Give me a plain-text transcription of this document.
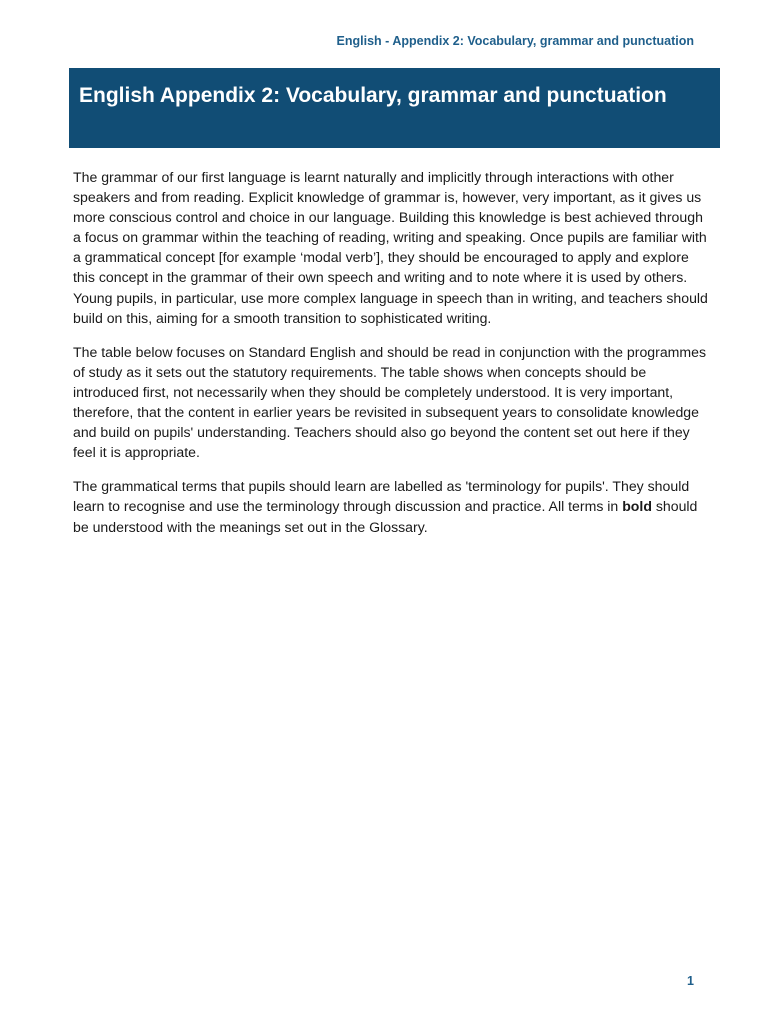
English - Appendix 2: Vocabulary, grammar and punctuation
English Appendix 2: Vocabulary, grammar and punctuation

The grammar of our first language is learnt naturally and implicitly through interactions with other speakers and from reading. Explicit knowledge of grammar is, however, very important, as it gives us more conscious control and choice in our language. Building this knowledge is best achieved through a focus on grammar within the teaching of reading, writing and speaking. Once pupils are familiar with a grammatical concept [for example ‘modal verb’], they should be encouraged to apply and explore this concept in the grammar of their own speech and writing and to note where it is used by others. Young pupils, in particular, use more complex language in speech than in writing, and teachers should build on this, aiming for a smooth transition to sophisticated writing.

The table below focuses on Standard English and should be read in conjunction with the programmes of study as it sets out the statutory requirements. The table shows when concepts should be introduced first, not necessarily when they should be completely understood. It is very important, therefore, that the content in earlier years be revisited in subsequent years to consolidate knowledge and build on pupils' understanding. Teachers should also go beyond the content set out here if they feel it is appropriate.

The grammatical terms that pupils should learn are labelled as 'terminology for pupils'. They should learn to recognise and use the terminology through discussion and practice. All terms in bold should be understood with the meanings set out in the Glossary.

1
